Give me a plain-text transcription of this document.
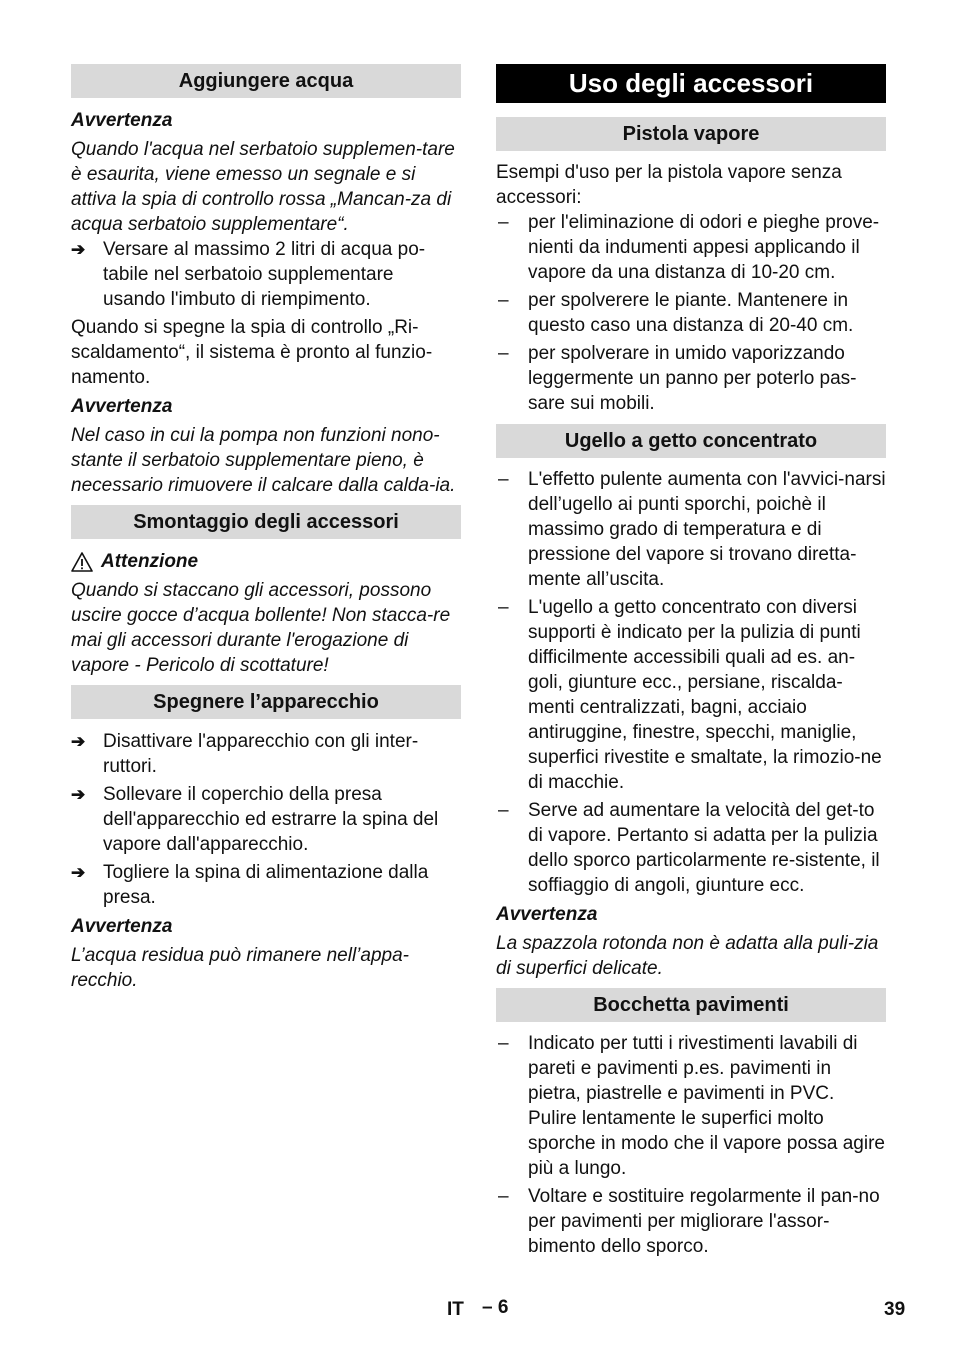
Aggiungere acqua
Avvertenza
Quando l'acqua nel serbatoio supplemen-tare è esaurita, viene emesso un segnale e si attiva la spia di controllo rossa „Mancan-za di acqua serbatoio supplementare“.
➔ Versare al massimo 2 litri di acqua po-tabile nel serbatoio supplementare usando l'imbuto di riempimento.

Quando si spegne la spia di controllo „Ri-scaldamento“, il sistema è pronto al funzio-namento.

Avvertenza
Nel caso in cui la pompa non funzioni nono-stante il serbatoio supplementare pieno, è necessario rimuovere il calcare dalla calda-ia.
Smontaggio degli accessori
Attenzione
Quando si staccano gli accessori, possono uscire gocce d’acqua bollente! Non stacca-re mai gli accessori durante l'erogazione di vapore - Pericolo di scottature!
Spegnere l’apparecchio
➔ Disattivare l'apparecchio con gli inter-ruttori.
➔ Sollevare il coperchio della presa dell'apparecchio ed estrarre la spina del vapore dall'apparecchio.
➔ Togliere la spina di alimentazione dalla presa.
Avvertenza
L’acqua residua può rimanere nell’appa-recchio.
Uso degli accessori
Pistola vapore

Esempi d'uso per la pistola vapore senza accessori:

– per l'eliminazione di odori e pieghe prove-nienti da indumenti appesi applicando il vapore da una distanza di 10-20 cm.
– per spolverere le piante. Mantenere in questo caso una distanza di 20-40 cm.
– per spolverare in umido vaporizzando leggermente un panno per poterlo pas-sare sui mobili.
Ugello a getto concentrato
– L'effetto pulente aumenta con l'avvici-narsi dell’ugello ai punti sporchi, poichè il massimo grado di temperatura e di pressione del vapore si trovano diretta-mente all’uscita.
– L'ugello a getto concentrato con diversi supporti è indicato per la pulizia di punti difficilmente accessibili quali ad es. an-goli, giunture ecc., persiane, riscalda-menti centralizzati, bagni, acciaio antiruggine, finestre, specchi, maniglie, superfici rivestite e smaltate, la rimozio-ne di macchie.
– Serve ad aumentare la velocità del get-to di vapore. Pertanto si adatta per la pulizia dello sporco particolarmente re-sistente, il soffiaggio di angoli, giunture ecc.
Avvertenza
La spazzola rotonda non è adatta alla puli-zia di superfici delicate.
Bocchetta pavimenti
– Indicato per tutti i rivestimenti lavabili di pareti e pavimenti p.es. pavimenti in pietra, piastrelle e pavimenti in PVC. Pulire lentamente le superfici molto sporche in modo che il vapore possa agire più a lungo.
– Voltare e sostituire regolarmente il pan-no per pavimenti per migliorare l'assor-bimento dello sporco.
IT – 6	39
